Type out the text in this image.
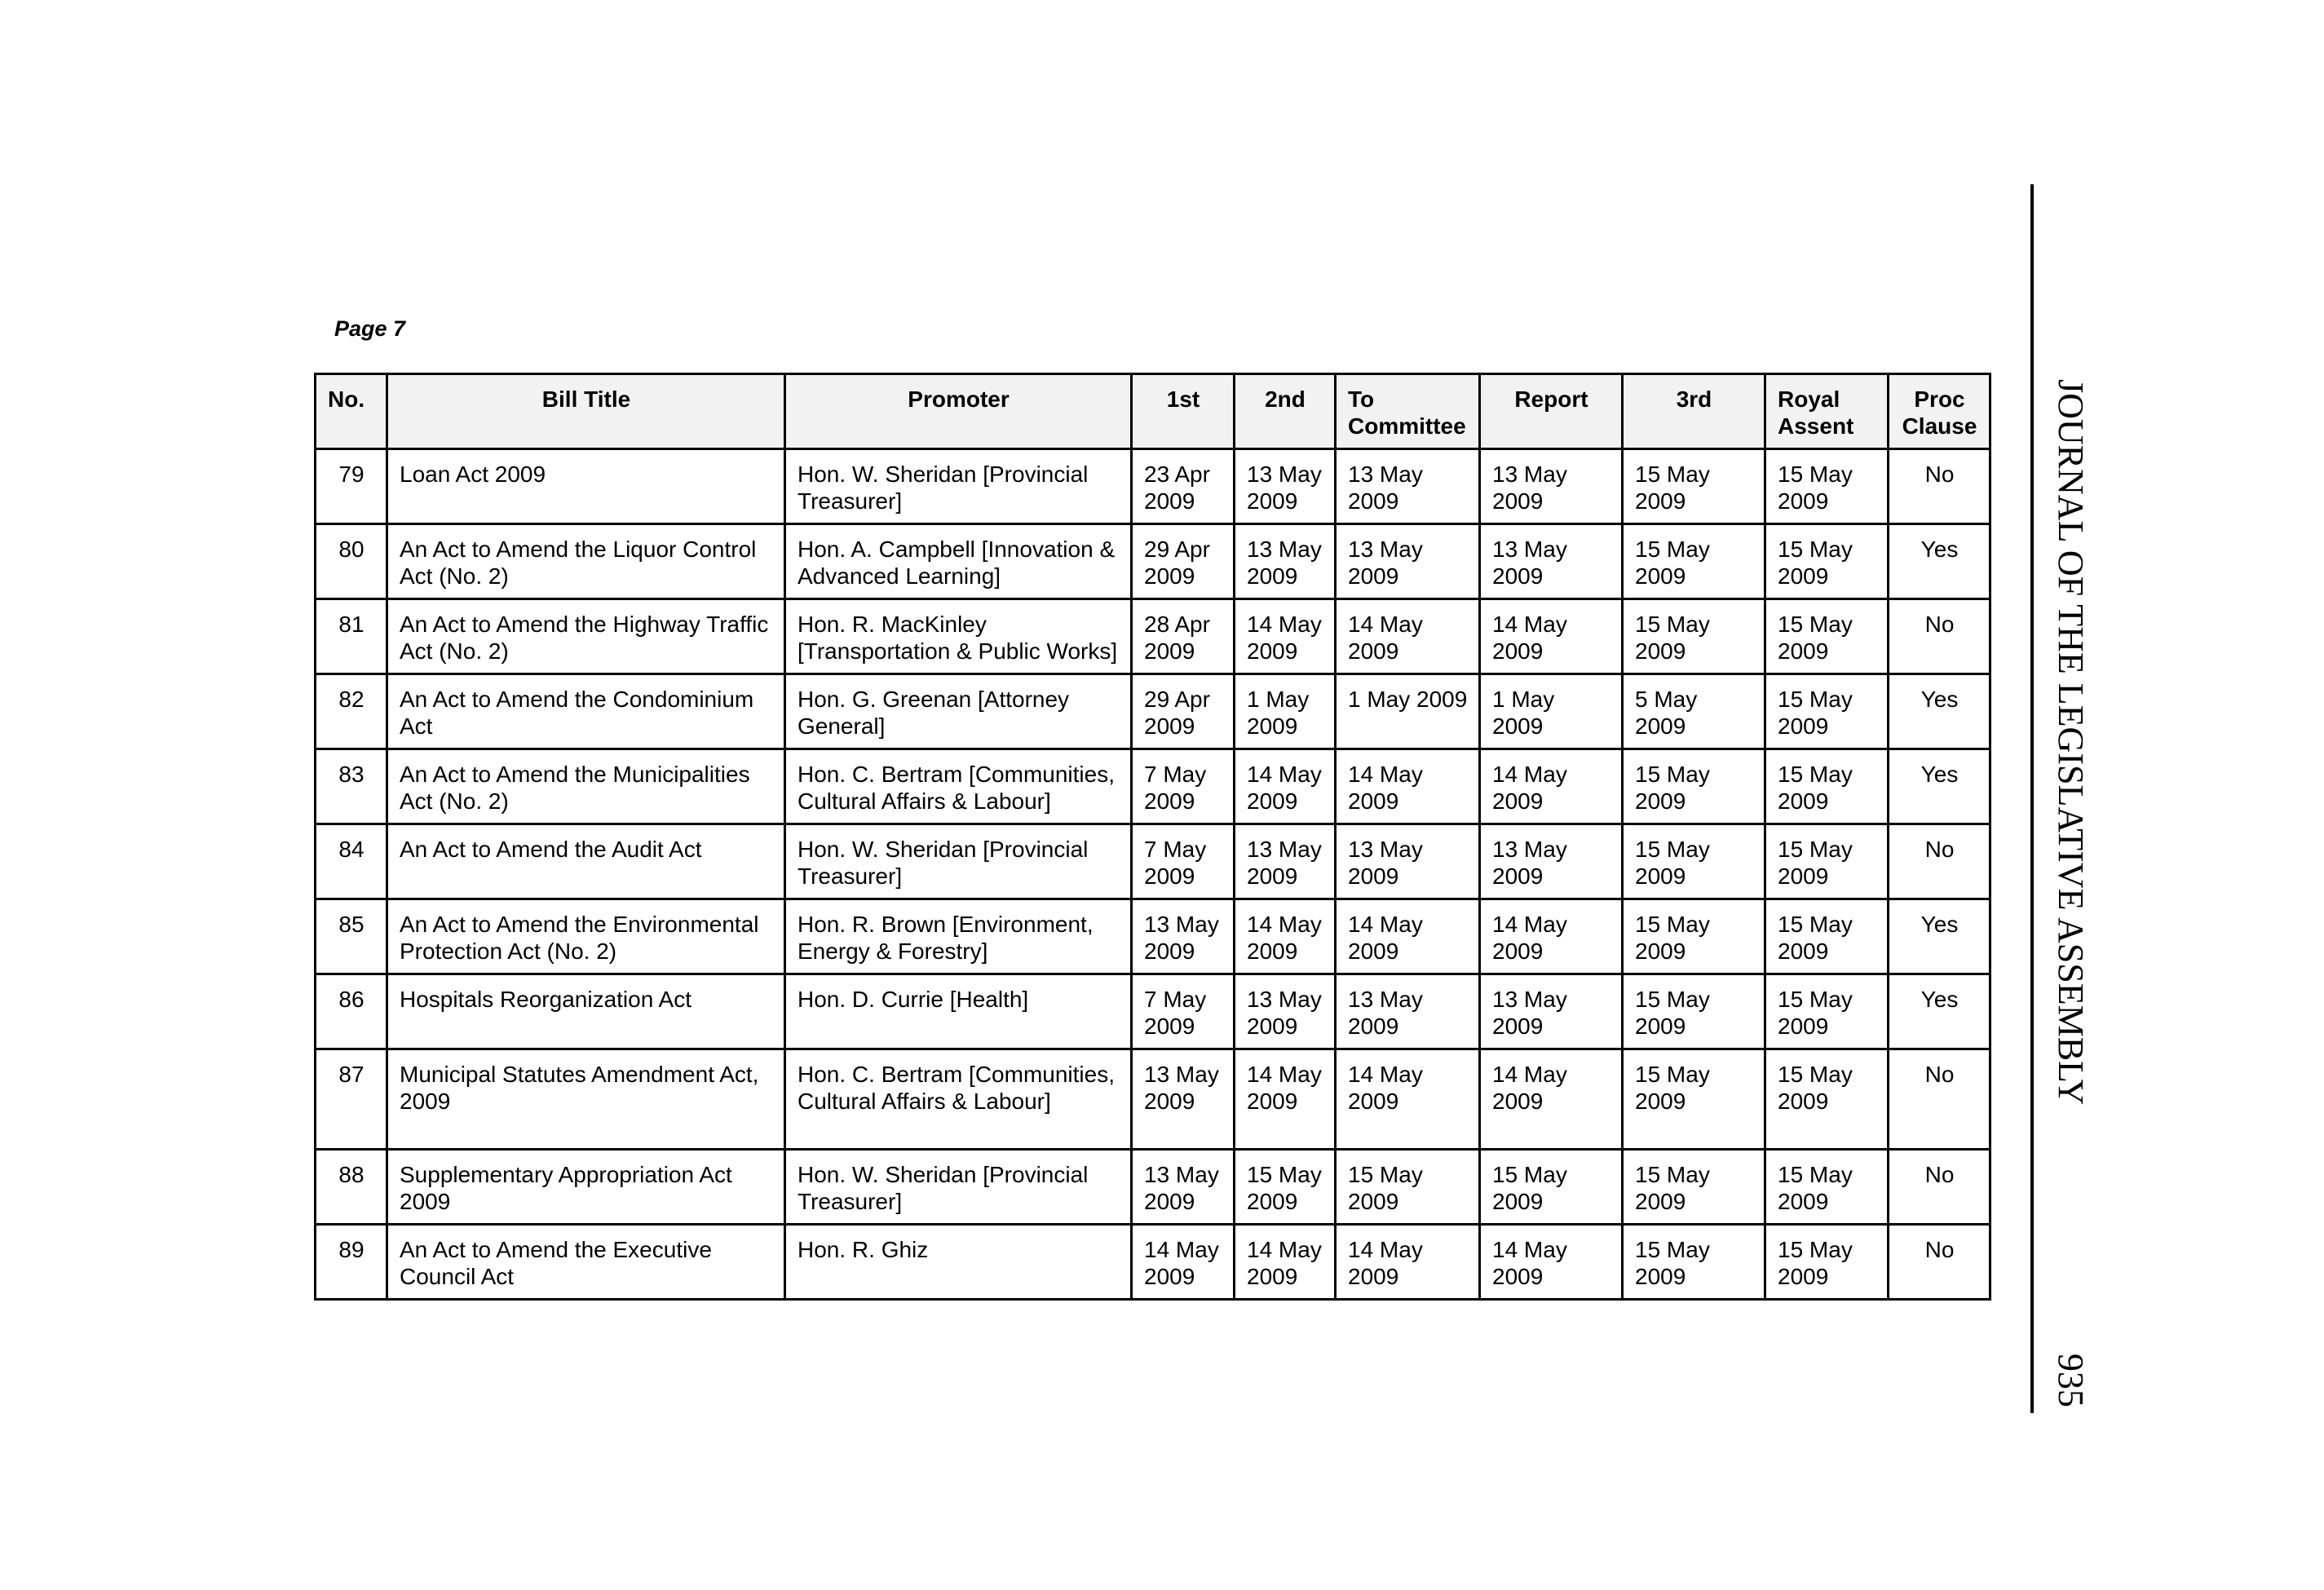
Page 7
No.	Bill Title	Promoter	1st	2nd	To Committee	Report	3rd	Royal Assent	Proc Clause
79	Loan Act 2009	Hon. W. Sheridan [Provincial Treasurer]	23 Apr 2009	13 May 2009	13 May 2009	13 May 2009	15 May 2009	15 May 2009	No
80	An Act to Amend the Liquor Control Act (No. 2)	Hon. A. Campbell [Innovation & Advanced Learning]	29 Apr 2009	13 May 2009	13 May 2009	13 May 2009	15 May 2009	15 May 2009	Yes
81	An Act to Amend the Highway Traffic Act (No. 2)	Hon. R. MacKinley [Transportation & Public Works]	28 Apr 2009	14 May 2009	14 May 2009	14 May 2009	15 May 2009	15 May 2009	No
82	An Act to Amend the Condominium Act	Hon. G. Greenan [Attorney General]	29 Apr 2009	1 May 2009	1 May 2009	1 May 2009	5 May 2009	15 May 2009	Yes
83	An Act to Amend the Municipalities Act (No. 2)	Hon. C. Bertram [Communities, Cultural Affairs & Labour]	7 May 2009	14 May 2009	14 May 2009	14 May 2009	15 May 2009	15 May 2009	Yes
84	An Act to Amend the Audit Act	Hon. W. Sheridan [Provincial Treasurer]	7 May 2009	13 May 2009	13 May 2009	13 May 2009	15 May 2009	15 May 2009	No
85	An Act to Amend the Environmental Protection Act (No. 2)	Hon. R. Brown [Environment, Energy & Forestry]	13 May 2009	14 May 2009	14 May 2009	14 May 2009	15 May 2009	15 May 2009	Yes
86	Hospitals Reorganization Act	Hon. D. Currie [Health]	7 May 2009	13 May 2009	13 May 2009	13 May 2009	15 May 2009	15 May 2009	Yes
87	Municipal Statutes Amendment Act, 2009	Hon. C. Bertram [Communities, Cultural Affairs & Labour]	13 May 2009	14 May 2009	14 May 2009	14 May 2009	15 May 2009	15 May 2009	No
88	Supplementary Appropriation Act 2009	Hon. W. Sheridan [Provincial Treasurer]	13 May 2009	15 May 2009	15 May 2009	15 May 2009	15 May 2009	15 May 2009	No
89	An Act to Amend the Executive Council Act	Hon. R. Ghiz	14 May 2009	14 May 2009	14 May 2009	14 May 2009	15 May 2009	15 May 2009	No
JOURNAL OF THE LEGISLATIVE ASSEMBLY
935
